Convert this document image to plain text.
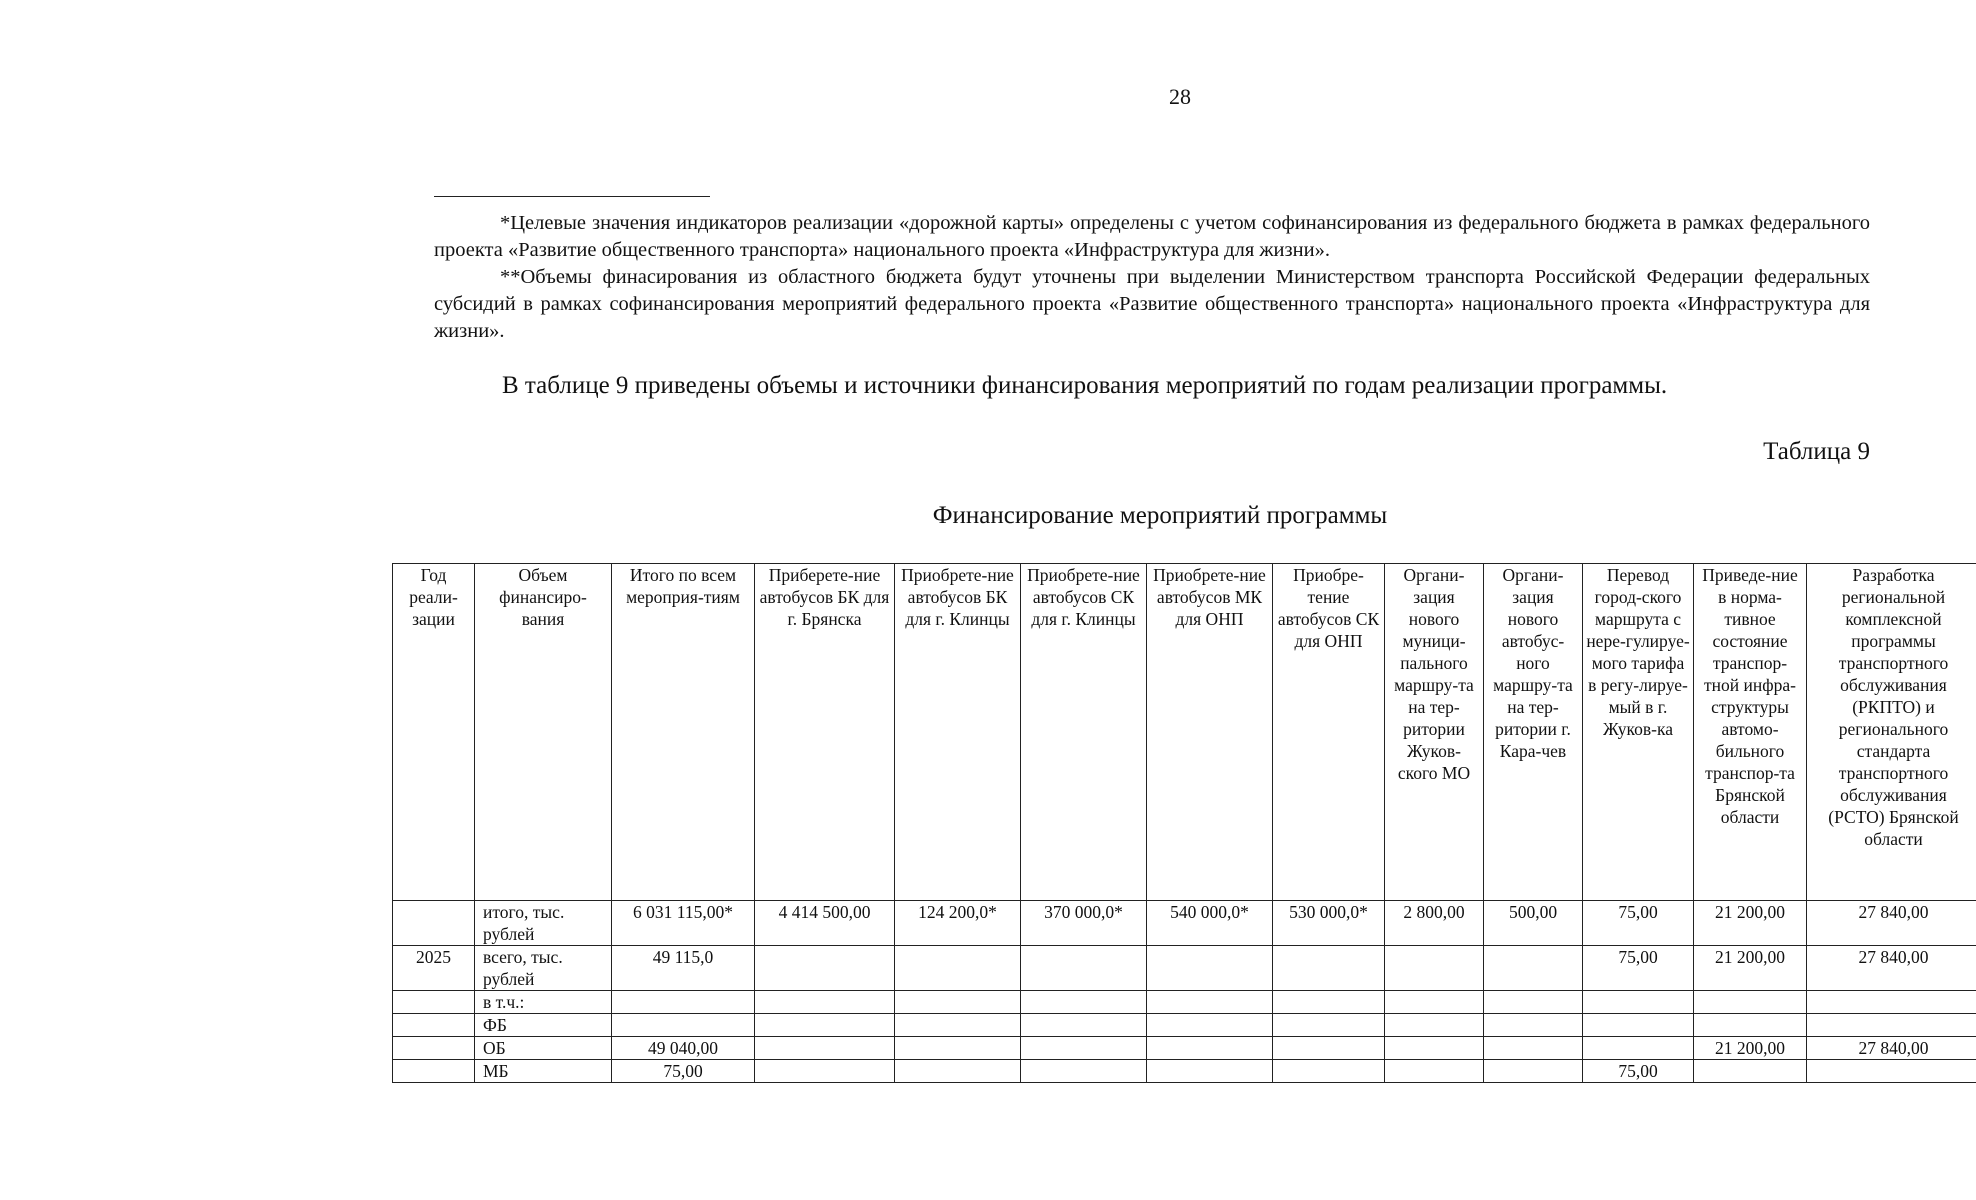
28

*Целевые значения индикаторов реализации «дорожной карты» определены с учетом софинансирования из федерального бюджета в рамках федерального проекта «Развитие общественного транспорта» национального проекта «Инфраструктура для жизни».

**Объемы финасирования из областного бюджета будут уточнены при выделении Министерством транспорта Российской Федерации федеральных субсидий в рамках софинансирования мероприятий федерального проекта «Развитие общественного транспорта» национального проекта «Инфраструктура для жизни».

В таблице 9 приведены объемы и источники финансирования мероприятий по годам реализации программы.
Таблица 9
Финансирование мероприятий программы
Год реали-зации	Объем финансиро-вания	Итого по всем мероприя-тиям	Приберете-ние автобусов БК для г. Брянска	Приобрете-ние автобусов БК для г. Клинцы	Приобрете-ние автобусов СК для г. Клинцы	Приобрете-ние автобусов МК для ОНП	Приобре-тение автобусов СК для ОНП	Органи-зация нового муници-пального маршру-та на тер-ритории Жуков-ского МО	Органи-зация нового автобус-ного маршру-та на тер-ритории г. Кара-чев	Перевод город-ского маршрута с нере-гулируе-мого тарифа в регу-лируе-мый в г. Жуков-ка	Приведе-ние в норма-тивное состояние транспор-тной инфра-структуры автомо-бильного транспор-та Брянской области	Разработка региональной комплексной программы транспортного обслуживания (РКПТО) и регионального стандарта транспортного обслуживания (РСТО) Брянской области
	итого, тыс. рублей	6 031 115,00*	4 414 500,00	124 200,0*	370 000,0*	540 000,0*	530 000,0*	2 800,00	500,00	75,00	21 200,00	27 840,00
2025	всего, тыс. рублей	49 115,0								75,00	21 200,00	27 840,00
	в т.ч.:											
	ФБ											
	ОБ	49 040,00									21 200,00	27 840,00
	МБ	75,00								75,00		
